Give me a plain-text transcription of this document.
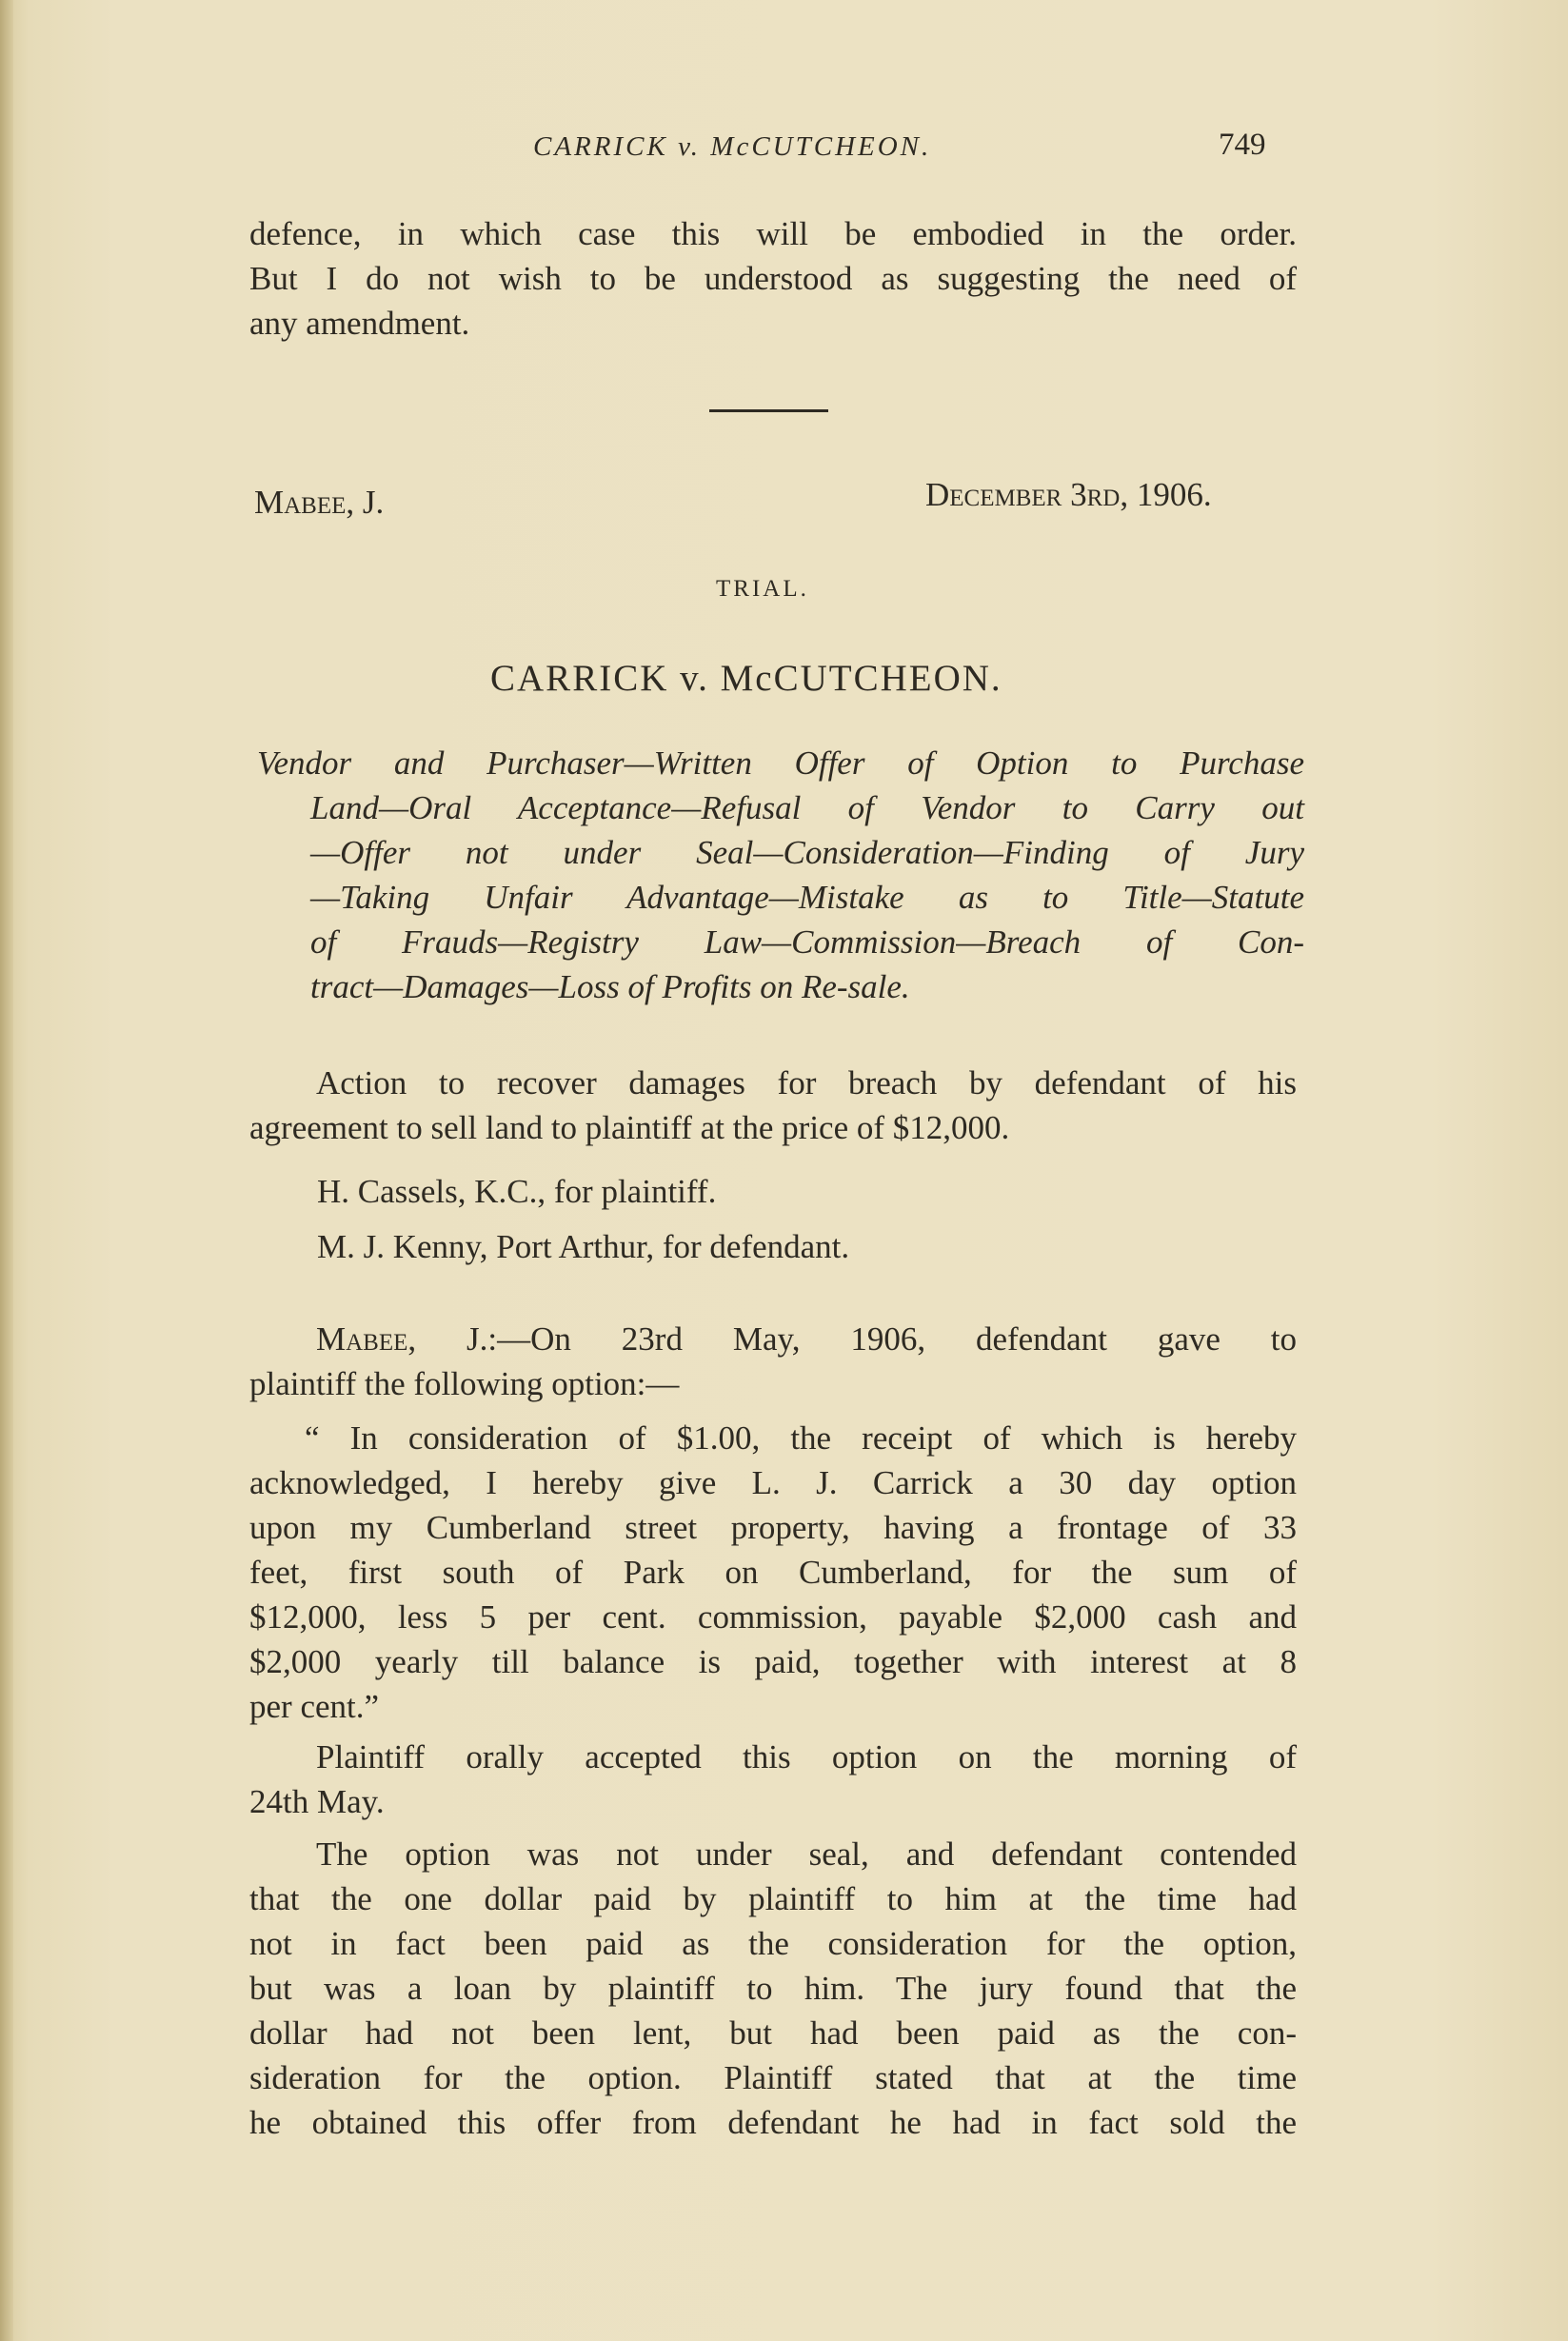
CARRICK v. McCUTCHEON.	749
defence, in which case this will be embodied in the order.
But I do not wish to be understood as suggesting the need of
any amendment.
Mabee, J.	December 3rd, 1906.
TRIAL.
CARRICK v. McCUTCHEON.
Vendor and Purchaser—Written Offer of Option to Purchase
Land—Oral Acceptance—Refusal of Vendor to Carry out
—Offer not under Seal—Consideration—Finding of Jury
—Taking Unfair Advantage—Mistake as to Title—Statute
of Frauds—Registry Law—Commission—Breach of Con-
tract—Damages—Loss of Profits on Re-sale.
Action to recover damages for breach by defendant of his
agreement to sell land to plaintiff at the price of $12,000.
H. Cassels, K.C., for plaintiff.
M. J. Kenny, Port Arthur, for defendant.
Mabee, J.:—On 23rd May, 1906, defendant gave to
plaintiff the following option:—
“ In consideration of $1.00, the receipt of which is hereby
acknowledged, I hereby give L. J. Carrick a 30 day option
upon my Cumberland street property, having a frontage of 33
feet, first south of Park on Cumberland, for the sum of
$12,000, less 5 per cent. commission, payable $2,000 cash and
$2,000 yearly till balance is paid, together with interest at 8
per cent.”
Plaintiff orally accepted this option on the morning of
24th May.
The option was not under seal, and defendant contended
that the one dollar paid by plaintiff to him at the time had
not in fact been paid as the consideration for the option,
but was a loan by plaintiff to him. The jury found that the
dollar had not been lent, but had been paid as the con-
sideration for the option. Plaintiff stated that at the time
he obtained this offer from defendant he had in fact sold the
